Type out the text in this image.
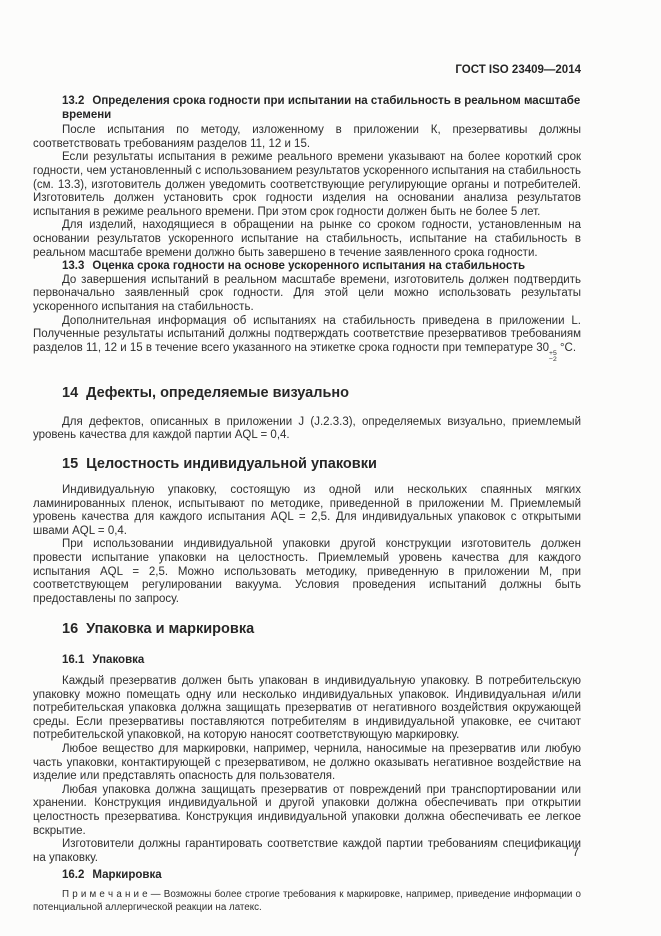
ГОСТ ISO 23409—2014
13.2 Определения срока годности при испытании на стабильность в реальном масштабе времени

После испытания по методу, изложенному в приложении К, презервативы должны соответствовать требованиям разделов 11, 12 и 15.

Если результаты испытания в режиме реального времени указывают на более короткий срок годности, чем установленный с использованием результатов ускоренного испытания на стабильность (см. 13.3), изготовитель должен уведомить соответствующие регулирующие органы и потребителей. Изготовитель должен установить срок годности изделия на основании анализа результатов испытания в режиме реального времени. При этом срок годности должен быть не более 5 лет.

Для изделий, находящиеся в обращении на рынке со сроком годности, установленным на основании результатов ускоренного испытание на стабильность, испытание на стабильность в реальном масштабе времени должно быть завершено в течение заявленного срока годности.

13.3 Оценка срока годности на основе ускоренного испытания на стабильность

До завершения испытаний в реальном масштабе времени, изготовитель должен подтвердить первоначально заявленный срок годности. Для этой цели можно использовать результаты ускоренного испытания на стабильность.

Дополнительная информация об испытаниях на стабильность приведена в приложении L. Полученные результаты испытаний должны подтверждать соответствие презервативов требованиям разделов 11, 12 и 15 в течение всего указанного на этикетке срока годности при температуре 30 +5
−2
°С.

14 Дефекты, определяемые визуально

Для дефектов, описанных в приложении J (J.2.3.3), определяемых визуально, приемлемый уровень качества для каждой партии AQL = 0,4.

15 Целостность индивидуальной упаковки

Индивидуальную упаковку, состоящую из одной или нескольких спаянных мягких ламинированных пленок, испытывают по методике, приведенной в приложении М. Приемлемый уровень качества для каждого испытания AQL = 2,5. Для индивидуальных упаковок с открытыми швами AQL = 0,4.

При использовании индивидуальной упаковки другой конструкции изготовитель должен провести испытание упаковки на целостность. Приемлемый уровень качества для каждого испытания AQL = 2,5. Можно использовать методику, приведенную в приложении М, при соответствующем регулировании вакуума. Условия проведения испытаний должны быть предоставлены по запросу.

16 Упаковка и маркировка
16.1 Упаковка

Каждый презерватив должен быть упакован в индивидуальную упаковку. В потребительскую упаковку можно помещать одну или несколько индивидуальных упаковок. Индивидуальная и/или потребительская упаковка должна защищать презерватив от негативного воздействия окружающей среды. Если презервативы поставляются потребителям в индивидуальной упаковке, ее считают потребительской упаковкой, на которую наносят соответствующую маркировку.

Любое вещество для маркировки, например, чернила, наносимые на презерватив или любую часть упаковки, контактирующей с презервативом, не должно оказывать негативное воздействие на изделие или представлять опасность для пользователя.

Любая упаковка должна защищать презерватив от повреждений при транспортировании или хранении. Конструкция индивидуальной и другой упаковки должна обеспечивать при открытии целостность презерватива. Конструкция индивидуальной упаковки должна обеспечивать ее легкое вскрытие.

Изготовители должны гарантировать соответствие каждой партии требованиям спецификации на упаковку.

16.2 Маркировка

П р и м е ч а н и е — Возможны более строгие требования к маркировке, например, приведение информации о потенциальной аллергической реакции на латекс.

7
